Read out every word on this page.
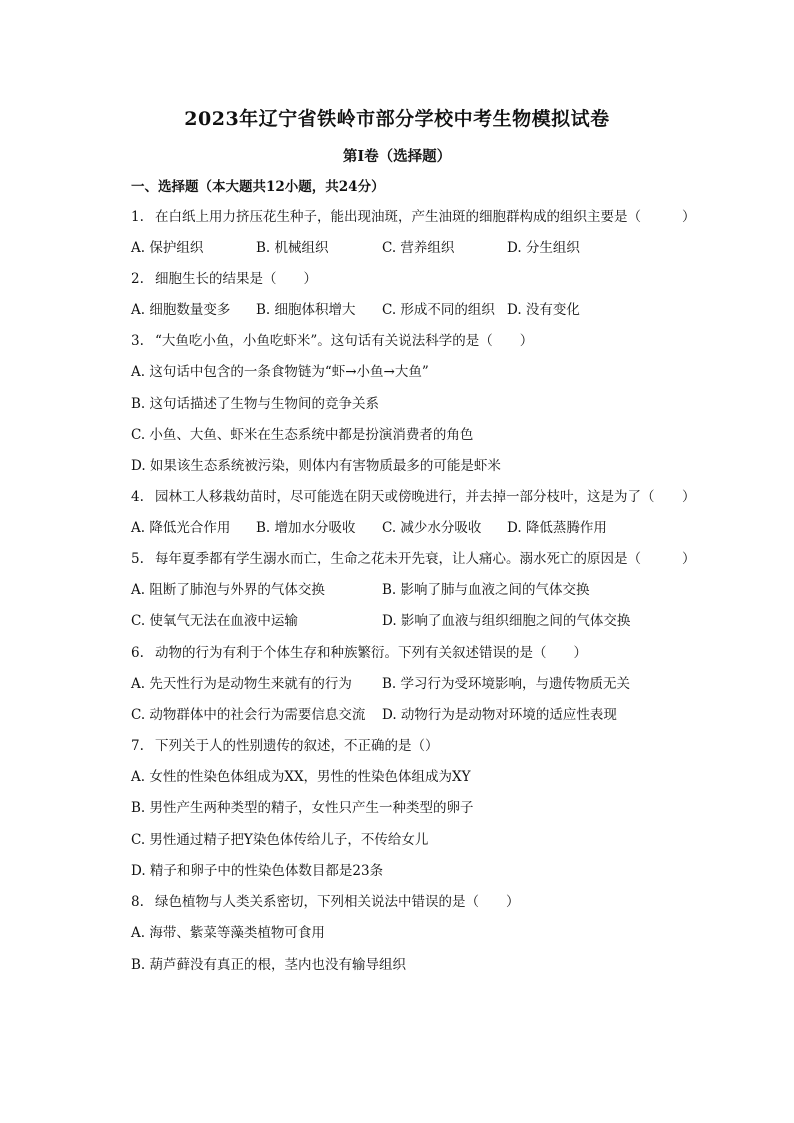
2023年辽宁省铁岭市部分学校中考生物模拟试卷
第I卷（选择题）
一、选择题（本大题共12小题，共24分）
1. 在白纸上用力挤压花生种子，能出现油斑，产生油斑的细胞群构成的组织主要是（	）
A. 保护组织	B. 机械组织	C. 营养组织	D. 分生组织
2. 细胞生长的结果是（　　）
A. 细胞数量变多 B. 细胞体积增大 C. 形成不同的组织 D. 没有变化
3. “大鱼吃小鱼，小鱼吃虾米”。这句话有关说法科学的是（　　）
A. 这句话中包含的一条食物链为“虾→小鱼→大鱼”
B. 这句话描述了生物与生物间的竞争关系
C. 小鱼、大鱼、虾米在生态系统中都是扮演消费者的角色
D. 如果该生态系统被污染，则体内有害物质最多的可能是虾米
4. 园林工人移栽幼苗时，尽可能选在阴天或傍晚进行，并去掉一部分枝叶，这是为了（ ）
A. 降低光合作用 B. 增加水分吸收 C. 减少水分吸收 D. 降低蒸腾作用
5. 每年夏季都有学生溺水而亡，生命之花未开先衰，让人痛心。溺水死亡的原因是（	）
A. 阻断了肺泡与外界的气体交换	B. 影响了肺与血液之间的气体交换
C. 使氧气无法在血液中运输	D. 影响了血液与组织细胞之间的气体交换
6. 动物的行为有利于个体生存和种族繁衍。下列有关叙述错误的是（　　）
A. 先天性行为是动物生来就有的行为 B. 学习行为受环境影响，与遗传物质无关
C. 动物群体中的社会行为需要信息交流 D. 动物行为是动物对环境的适应性表现
7. 下列关于人的性别遗传的叙述，不正确的是（）
A. 女性的性染色体组成为XX，男性的性染色体组成为XY
B. 男性产生两种类型的精子，女性只产生一种类型的卵子
C. 男性通过精子把Y染色体传给儿子，不传给女儿
D. 精子和卵子中的性染色体数目都是23条
8. 绿色植物与人类关系密切，下列相关说法中错误的是（　　）
A. 海带、紫菜等藻类植物可食用
B. 葫芦藓没有真正的根，茎内也没有输导组织
